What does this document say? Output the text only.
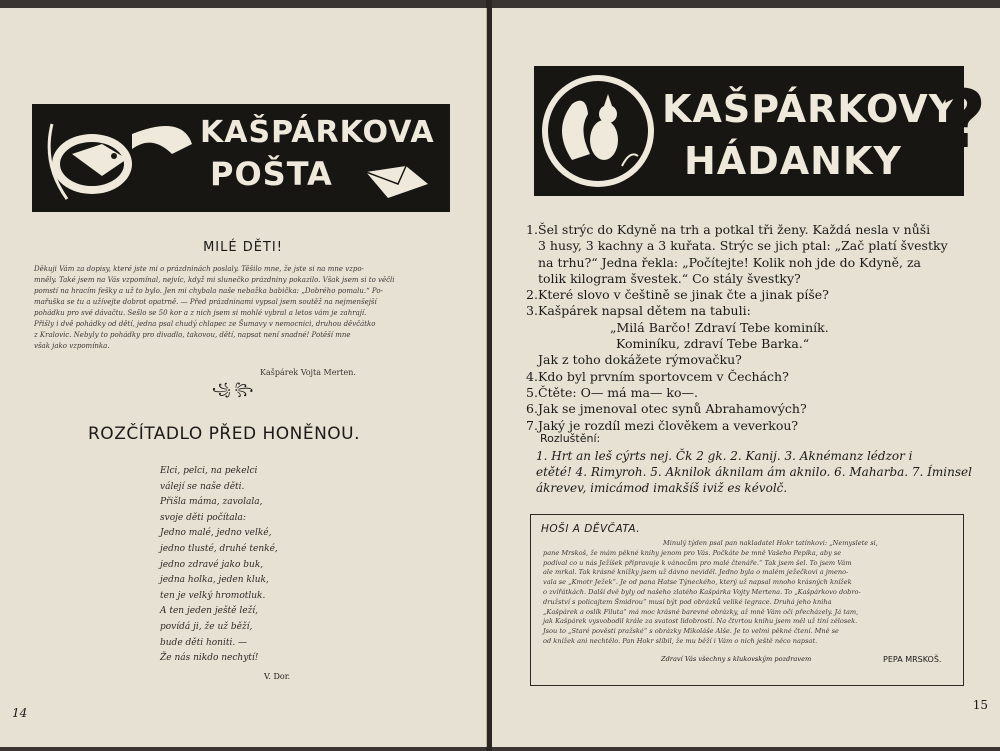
KAŠPÁRKOVA
POŠTA
MILÉ DĚTI!
Děkuji Vám za dopisy, které jste mi o prázdninách poslaly. Těšilo mne, že jste si na mne vzpo-
mněly. Také jsem na Vás vzpomínal, nejvíc, když mi slunečko prázdniny pokazilo. Však jsem si to věčli
pomstí na hracím fešky a už to bylo. Jen mi chybala naše nebožka babička: „Dobrého pomalu.“ Po-
mařuška se tu a užívejte dobrot opatrně. — Před prázdninami vypsal jsem soutěž na nejmenšejší
pohádku pro své dávačtu. Sešlo se 50 kor a z nich jsem si mohlé vybral a letos vám je zahrají.
Přišly i dvě pohádky od dětí, jedna psal chudý chlapec ze Šumavy v nemocnici, druhou děvčátko
z Kralovic. Nebyly to pohádky pro divadlo, takovou, dětí, napsat není snadné! Potěší mne
však jako vzpomínka.
Kašpárek Vojta Merten.
꧁ ꧂
ROZČÍTADLO PŘED HONĚNOU.
Elci, pelci, na pekelci
válejí se naše děti.
Přišla máma, zavolala,
svoje děti počítala:
Jedno malé, jedno velké,
jedno tlusté, druhé tenké,
jedno zdravé jako buk,
jedna holka, jeden kluk,
ten je velký hromotluk.
A ten jeden ještě leží,
povídá ji, že už běží,
bude děti honiti. —
Že nás nikdo nechytí!
V. Dor.
14
KAŠPÁRKOVY
HÁDANKY ?
1. Šel strýc do Kdyně na trh a potkal tři ženy. Každá nesla v nůši
3 husy, 3 kachny a 3 kuřata. Strýc se jich ptal: „Zač platí švestky
na trhu?“ Jedna řekla: „Počítejte! Kolik noh jde do Kdyně, za
tolik kilogram švestek.“ Co stály švestky?
2. Které slovo v češtině se jinak čte a jinak píše?
3. Kašpárek napsal dětem na tabuli:
„Milá Barčo! Zdraví Tebe kominík.
Kominíku, zdraví Tebe Barka.“
Jak z toho dokážete rýmovačku?
4. Kdo byl prvním sportovcem v Čechách?
5. Čtěte: O— má ma— ko—.
6. Jak se jmenoval otec synů Abrahamových?
7. Jaký je rozdíl mezi člověkem a veverkou?
Rozluštění:
1. Hrt an leš cýrts nej. Čk 2 gk. 2. Kanij. 3. Aknémanz lédzor i
etěté! 4. Rimyroh. 5. Aknilok áknilam ám aknilo. 6. Maharba. 7. Íminsel
ákrevev, imicámod imakšíš iviž es kévolč.
HOŠI A DĚVČATA.
Minulý týden psal pan nakladatel Hokr tatínkovi: „Nemyslete si,
pane Mrskoš, že mám pěkné knihy jenom pro Vás. Počkáte be mně Vašeho Pepíka, aby se
podíval co u nás Ježíšek připravuje k vánocům pro malé čtenáře.“ Tak jsem šel. To jsem Vám
ale mrkal. Tak krásné knížky jsem už dávno neviděl. Jedno byla o malém ježečkovi a jmeno-
vala se „Kmotr Ježek“. Je od pana Hatse Týneckého, který už napsal mnoho krásných knížek
o zvířátkách. Další dvě byly od našeho zlatého Kašpárka Vojty Mertena. To „Kašpárkovo dobro-
družství s policajtem Šmidrou“ musí být pod obrázků veliké legrace. Druhá jeho kniha
„Kašpárek a oslík Filuta“ má moc krásné barevné obrázky, až mně Vám oči přecházely. Já tam,
jak Kašpárek vysvobodil krále za svatost lidobrostí. Na čtvrtou knihu jsem měl už tiní zélosek.
Jsou to „Staré pověsti pražské“ s obrázky Mikoláše Alše. Je to velmi pěkné čtení. Mně se
od knížek ani nechtělo. Pan Hokr slíbil, že mu běží i Vám o nich ještě něco napsat.
Zdraví Vás všechny s klukovským pozdravem	PEPA MRSKOŠ.
15
